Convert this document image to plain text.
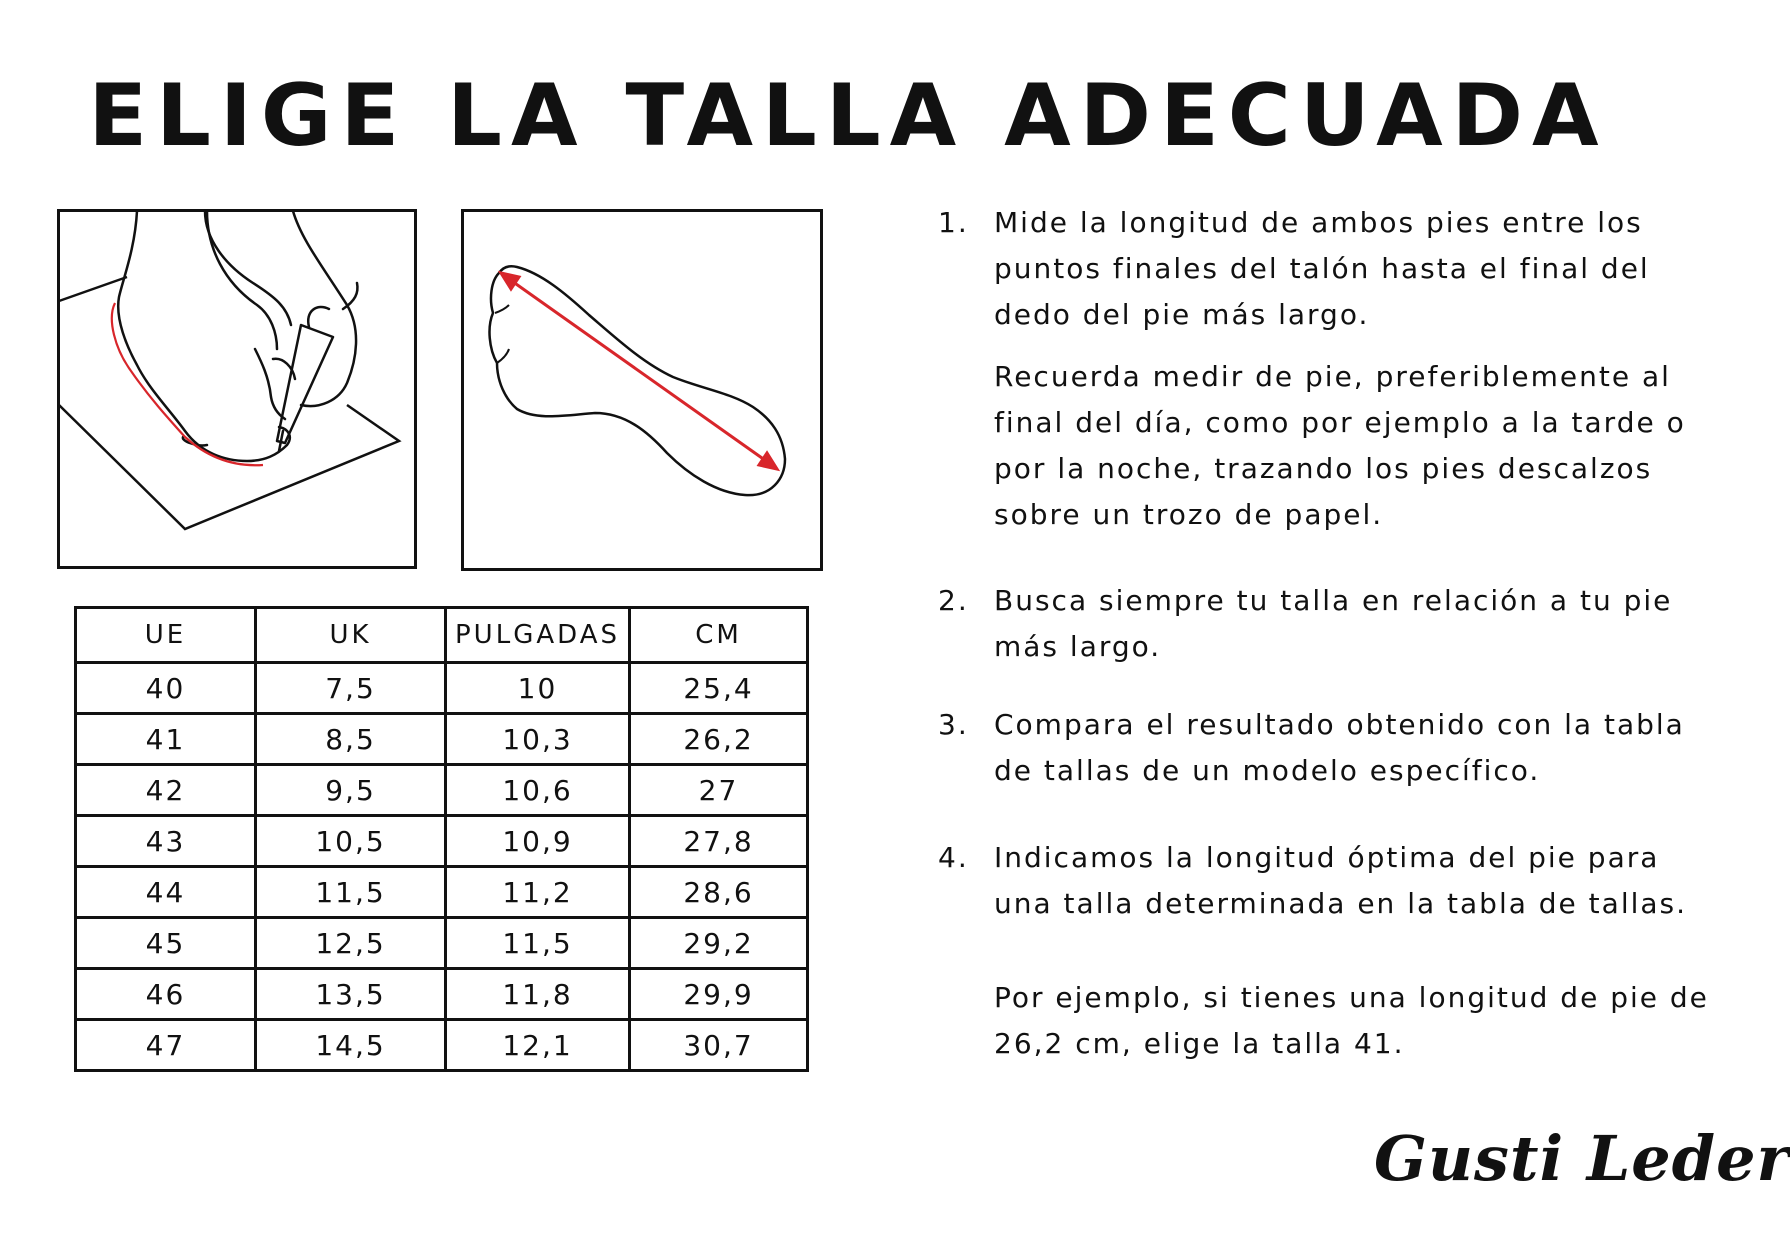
ELIGE LA TALLA ADECUADA
UE	UK	PULGADAS	CM
40	7,5	10	25,4
41	8,5	10,3	26,2
42	9,5	10,6	27
43	10,5	10,9	27,8
44	11,5	11,2	28,6
45	12,5	11,5	29,2
46	13,5	11,8	29,9
47	14,5	12,1	30,7
1. Mide la longitud de ambos pies entre los puntos finales del talón hasta el final del dedo del pie más largo.

Recuerda medir de pie, preferiblemente al final del día, como por ejemplo a la tarde o por la noche, trazando los pies descalzos sobre un trozo de papel.

2. Busca siempre tu talla en relación a tu pie más largo.

3. Compara el resultado obtenido con la tabla de tallas de un modelo específico.

4. Indicamos la longitud óptima del pie para una talla determinada en la tabla de tallas.

Por ejemplo, si tienes una longitud de pie de 26,2 cm, elige la talla 41.

Gusti Leder
